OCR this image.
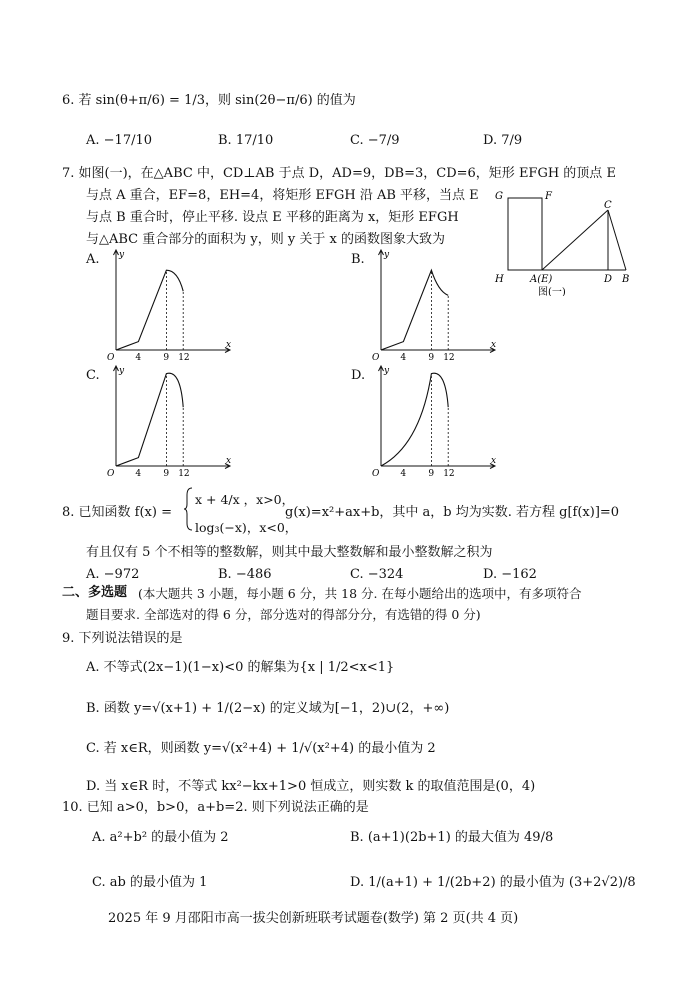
6. 若 sin(θ+π/6) = 1/3，则 sin(2θ−π/6) 的值为
A. −17/10	B. 17/10	C. −7/9	D. 7/9
7. 如图(一)，在△ABC 中，CD⊥AB 于点 D，AD=9，DB=3，CD=6，矩形 EFGH 的顶点 E
与点 A 重合，EF=8，EH=4，将矩形 EFGH 沿 AB 平移，当点 E
与点 B 重合时，停止平移. 设点 E 平移的距离为 x，矩形 EFGH
与△ABC 重合部分的面积为 y，则 y 关于 x 的函数图象大致为
G	F
C
H	A(E)	D B
图(一)
A.	B.
C.	D.
O
y
x
4 9 12	O
y
x
4 9 12
O
y
x
4 9 12	O
y
x
4 9 12
8. 已知函数 f(x) =
x + 4/x ，x>0，
log₃(−x)，x<0，
g(x)=x²+ax+b，其中 a，b 均为实数. 若方程 g[f(x)]=0
有且仅有 5 个不相等的整数解，则其中最大整数解和最小整数解之积为
A. −972	B. −486	C. −324	D. −162
二、多选题 (本大题共 3 小题，每小题 6 分，共 18 分. 在每小题给出的选项中，有多项符合
题目要求. 全部选对的得 6 分，部分选对的得部分分，有选错的得 0 分)
9. 下列说法错误的是
A. 不等式(2x−1)(1−x)<0 的解集为{x | 1/2<x<1}
B. 函数 y=√(x+1) + 1/(2−x) 的定义域为[−1，2)∪(2，+∞)
C. 若 x∈R，则函数 y=√(x²+4) + 1/√(x²+4) 的最小值为 2
D. 当 x∈R 时，不等式 kx²−kx+1>0 恒成立，则实数 k 的取值范围是(0，4)
10. 已知 a>0，b>0，a+b=2. 则下列说法正确的是
A. a²+b² 的最小值为 2	B. (a+1)(2b+1) 的最大值为 49/8
C. ab 的最小值为 1	D. 1/(a+1) + 1/(2b+2) 的最小值为 (3+2√2)/8
2025 年 9 月邵阳市高一拔尖创新班联考试题卷(数学) 第 2 页(共 4 页)
